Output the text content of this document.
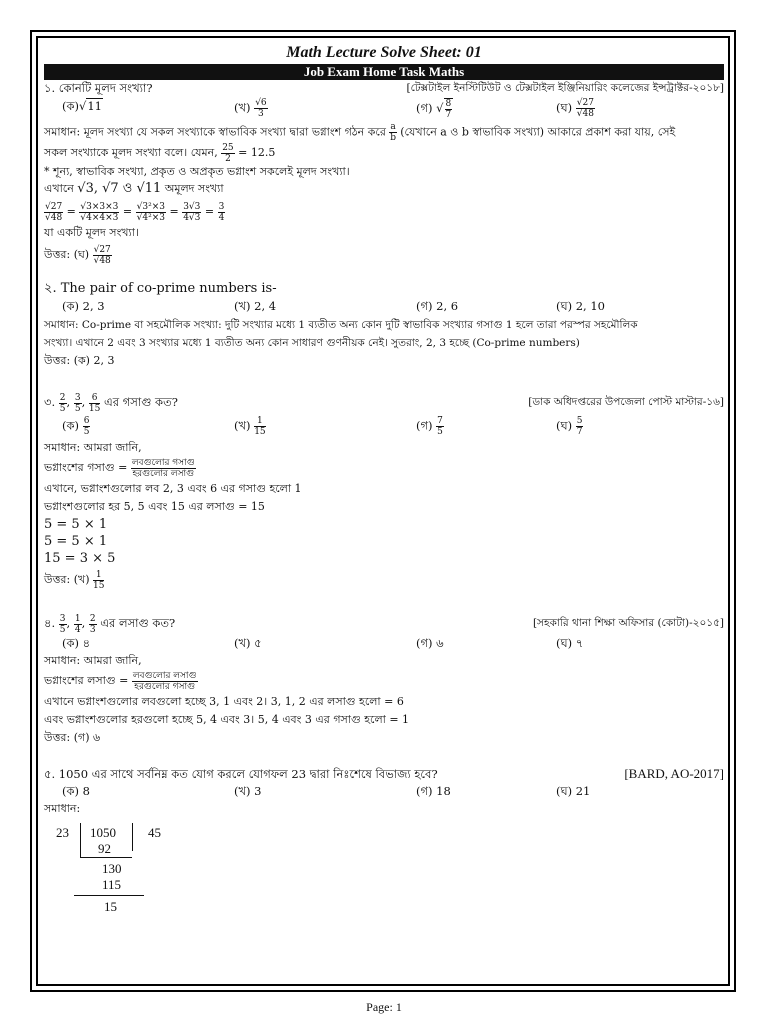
Math Lecture Solve Sheet: 01
Job Exam Home Task Maths
১. কোনটি মূলদ সংখ্যা?	[টেক্সটাইল ইনস্টিটিউট ও টেক্সটাইল ইঞ্জিনিয়ারিং কলেজের ইন্সট্রাক্টর-২০১৮]
(ক)√11	(খ) $\frac{√6}{3}$	(গ) √ $\frac{8}{7}$	(ঘ) $\frac{√27}{√48}$
সমাধান: মূলদ সংখ্যা যে সকল সংখ্যাকে স্বাভাবিক সংখ্যা দ্বারা ভগ্নাংশ গঠন করে $\frac{a}{b}$ (যেখানে a ও b স্বাভাবিক সংখ্যা) আকারে প্রকাশ করা যায়, সেই
সকল সংখ্যাকে মূলদ সংখ্যা বলে। যেমন, $\frac{25}{2} = 12.5$
* শূন্য, স্বাভাবিক সংখ্যা, প্রকৃত ও অপ্রকৃত ভগ্নাংশ সকলেই মূলদ সংখ্যা।
এখানে √3, √7 ও √11 অমূলদ সংখ্যা
$\frac{√27}{√48} = \frac{√3\times 3\times 3}{√4\times 4\times 3} = \frac{\text{√3²×3}}{\text{√4²×3}} = \frac{3√3}{4√3} = \frac{3}{4}$
যা একটি মূলদ সংখ্যা।
উত্তর: (ঘ) $\frac{√27}{√48}$
২. The pair of co-prime numbers is-
(ক) 2, 3	(খ) 2, 4	(গ) 2, 6	(ঘ) 2, 10
সমাধান: Co-prime বা সহমৌলিক সংখ্যা: দুটি সংখ্যার মধ্যে 1 ব্যতীত অন্য কোন দুটি স্বাভাবিক সংখ্যার গসাগু 1 হলে তারা পরস্পর সহমৌলিক
সংখ্যা। এখানে 2 এবং 3 সংখ্যার মধ্যে 1 ব্যতীত অন্য কোন সাধারণ গুণনীয়ক নেই। সুতরাং, 2, 3 হচ্ছে (Co-prime numbers)
উত্তর: (ক) 2, 3
৩. $\frac{2}{5}$ , $\frac{3}{5}$ , $\frac{6}{15}$ এর গসাগু কত?	[ডাক অধিদপ্তরের উপজেলা পোস্ট মাস্টার-১৬]
(ক) $\frac{6}{5}$	(খ) $\frac{1}{15}$	(গ) $\frac{7}{5}$	(ঘ) $\frac{5}{7}$
সমাধান: আমরা জানি,
ভগ্নাংশের গসাগু = $\frac{\text{লবগুলোর গসাগু}}{\text{হরগুলোর লসাগু}}$
এখানে, ভগ্নাংশগুলোর লব 2, 3 এবং 6 এর গসাগু হলো 1
ভগ্নাংশগুলোর হর 5, 5 এবং 15 এর লসাগু = 15
5 = 5 × 1
5 = 5 × 1
15 = 3 × 5
উত্তর: (খ) $\frac{1}{15}$
৪. $\frac{3}{5}$ , $\frac{1}{4}$ , $\frac{2}{3}$ এর লসাগু কত?	[সহকারি থানা শিক্ষা অফিসার (কোটা)-২০১৫]
(ক) ৪	(খ) ৫	(গ) ৬	(ঘ) ৭
সমাধান: আমরা জানি,
ভগ্নাংশের লসাগু = $\frac{\text{লবগুলোর লসাগু}}{\text{হরগুলোর গসাগু}}$
এখানে ভগ্নাংশগুলোর লবগুলো হচ্ছে 3, 1 এবং 2। 3, 1, 2 এর লসাগু হলো = 6
এবং ভগ্নাংশগুলোর হরগুলো হচ্ছে 5, 4 এবং 3। 5, 4 এবং 3 এর গসাগু হলো = 1
উত্তর: (গ) ৬
৫. 1050 এর সাথে সর্বনিম্ন কত যোগ করলে যোগফল 23 দ্বারা নিঃশেষে বিভাজ্য হবে?	[BARD, AO-2017]
(ক) 8	(খ) 3	(গ) 18	(ঘ) 21
সমাধান:
23 1050 45
92
130
115
15
Page: 1
